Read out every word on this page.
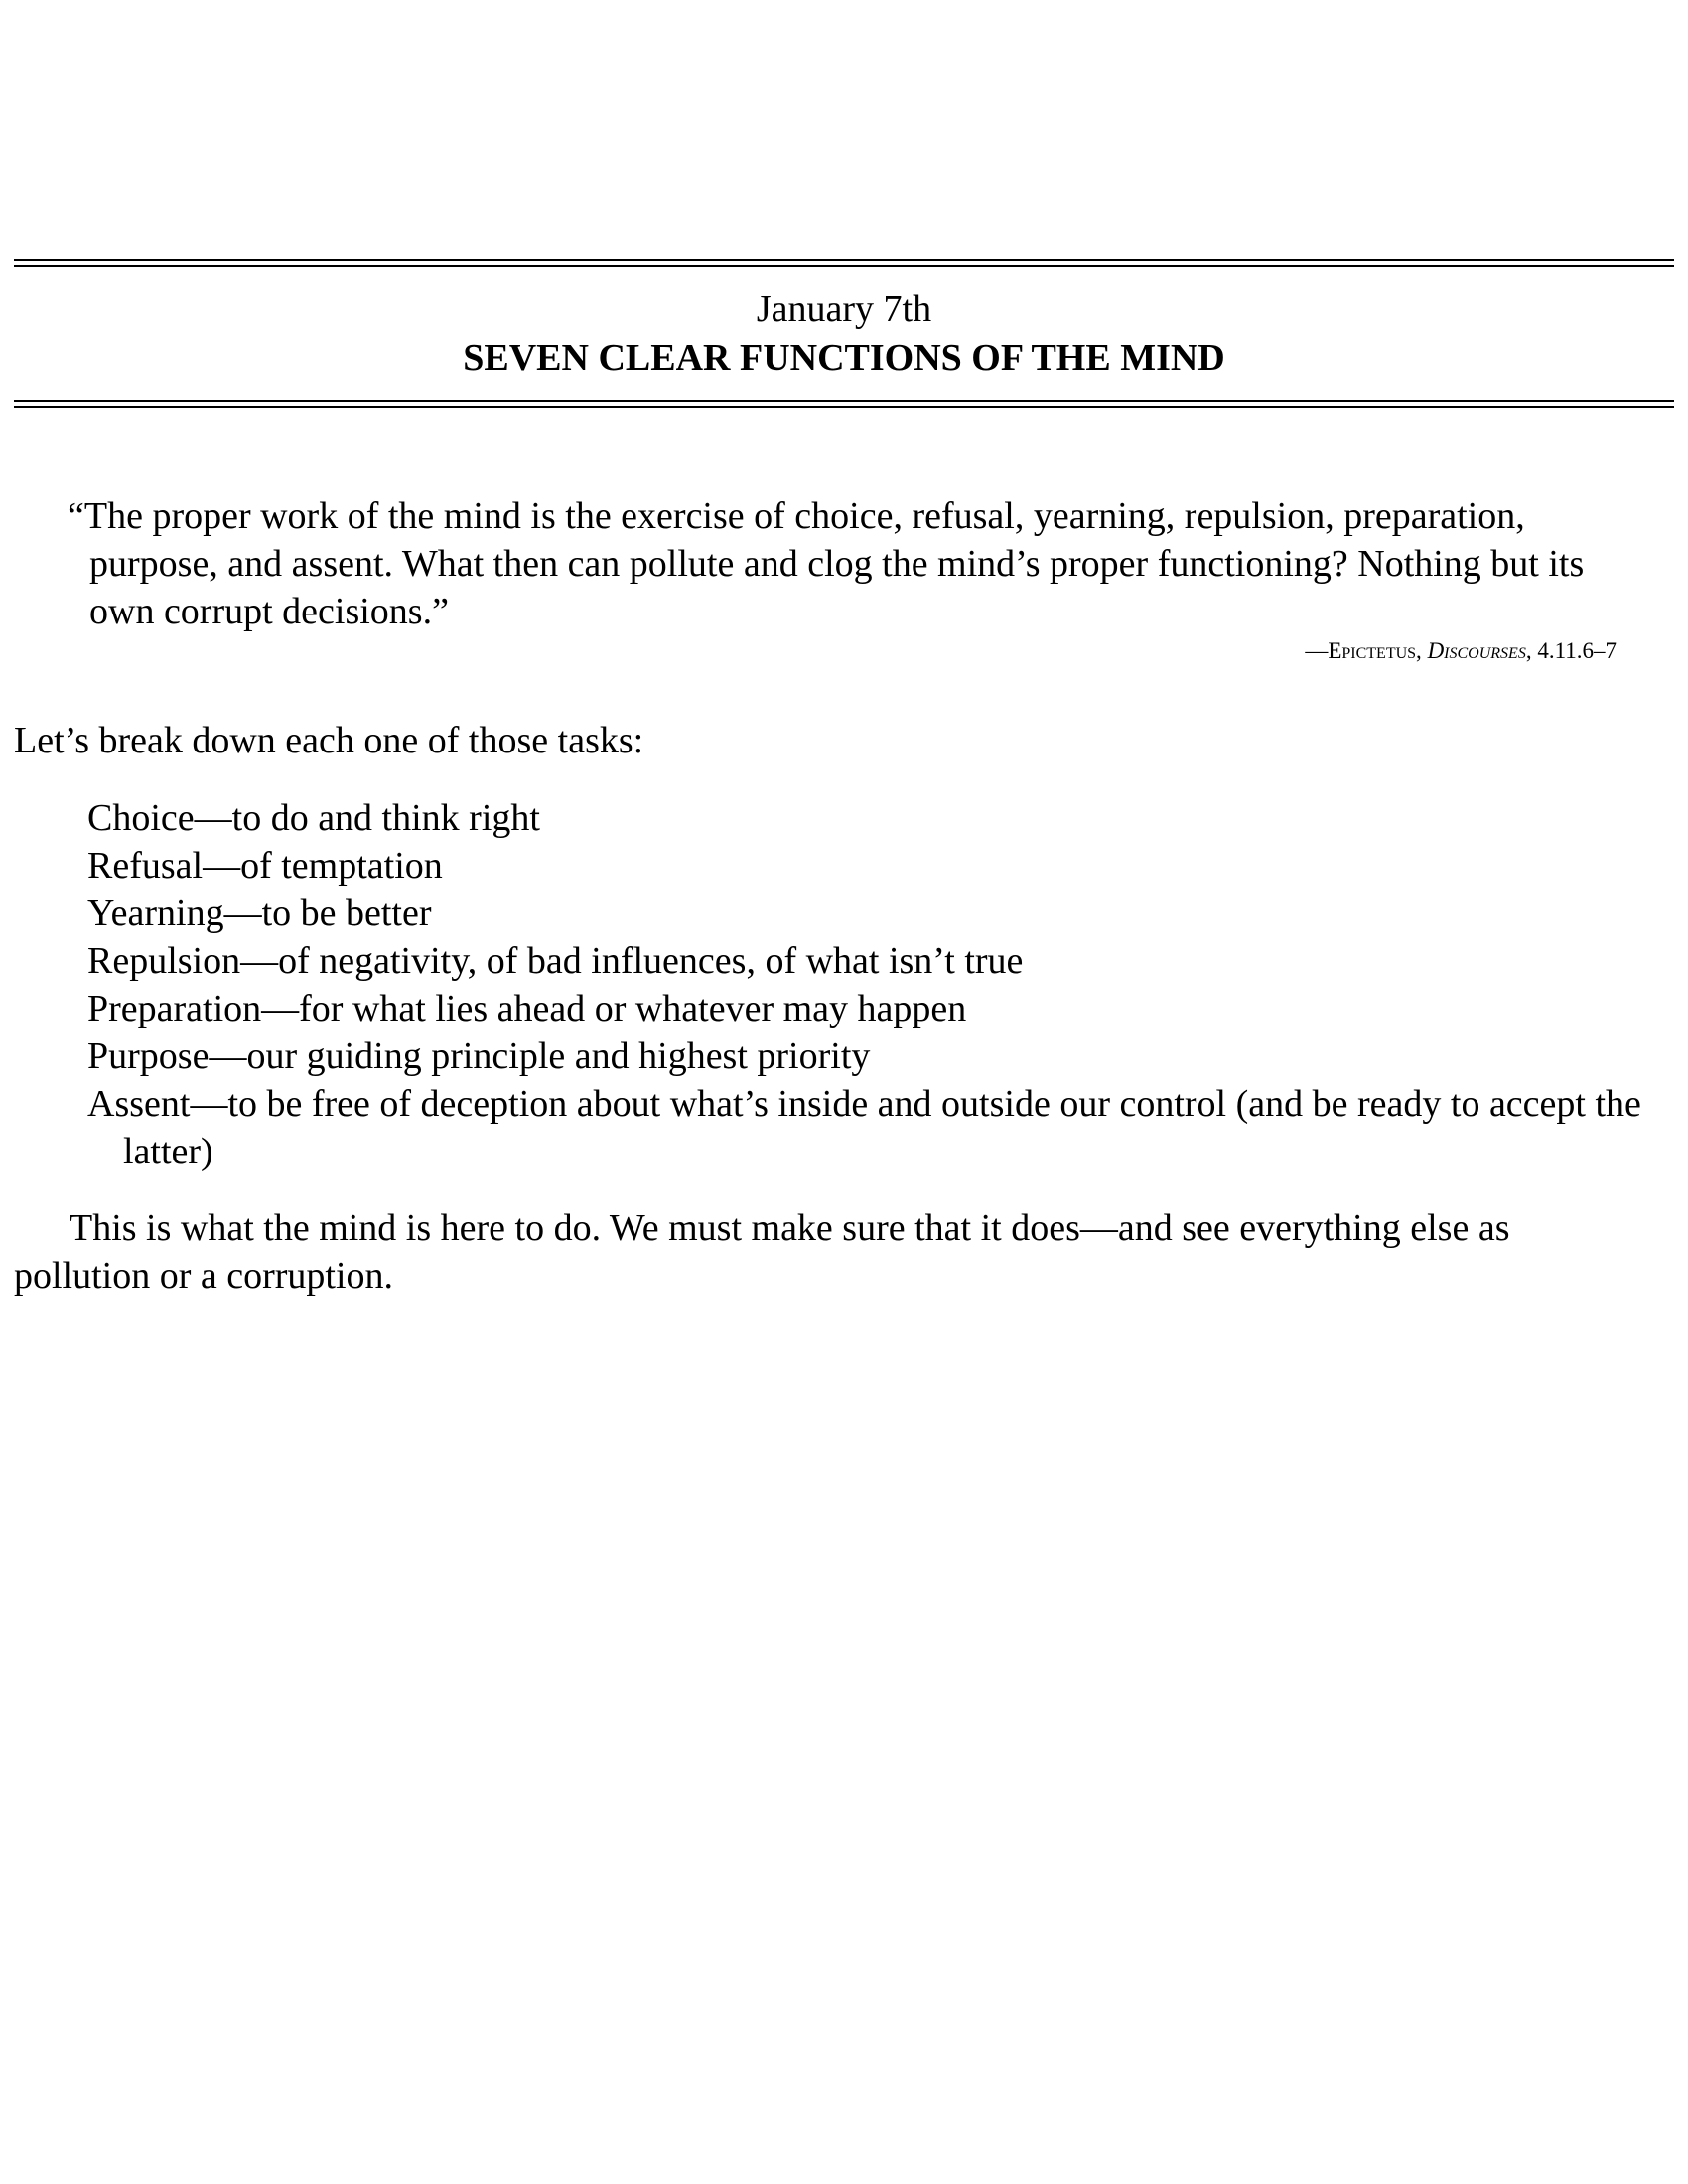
January 7th
SEVEN CLEAR FUNCTIONS OF THE MIND
“The proper work of the mind is the exercise of choice, refusal, yearning, repulsion, preparation, purpose, and assent. What then can pollute and clog the mind’s proper functioning? Nothing but its own corrupt decisions.”
—Epictetus, Discourses, 4.11.6–7
Let’s break down each one of those tasks:
Choice—to do and think right
Refusal—of temptation
Yearning—to be better
Repulsion—of negativity, of bad influences, of what isn’t true
Preparation—for what lies ahead or whatever may happen
Purpose—our guiding principle and highest priority
Assent—to be free of deception about what’s inside and outside our control (and be ready to accept the latter)
This is what the mind is here to do. We must make sure that it does—and see everything else as pollution or a corruption.
